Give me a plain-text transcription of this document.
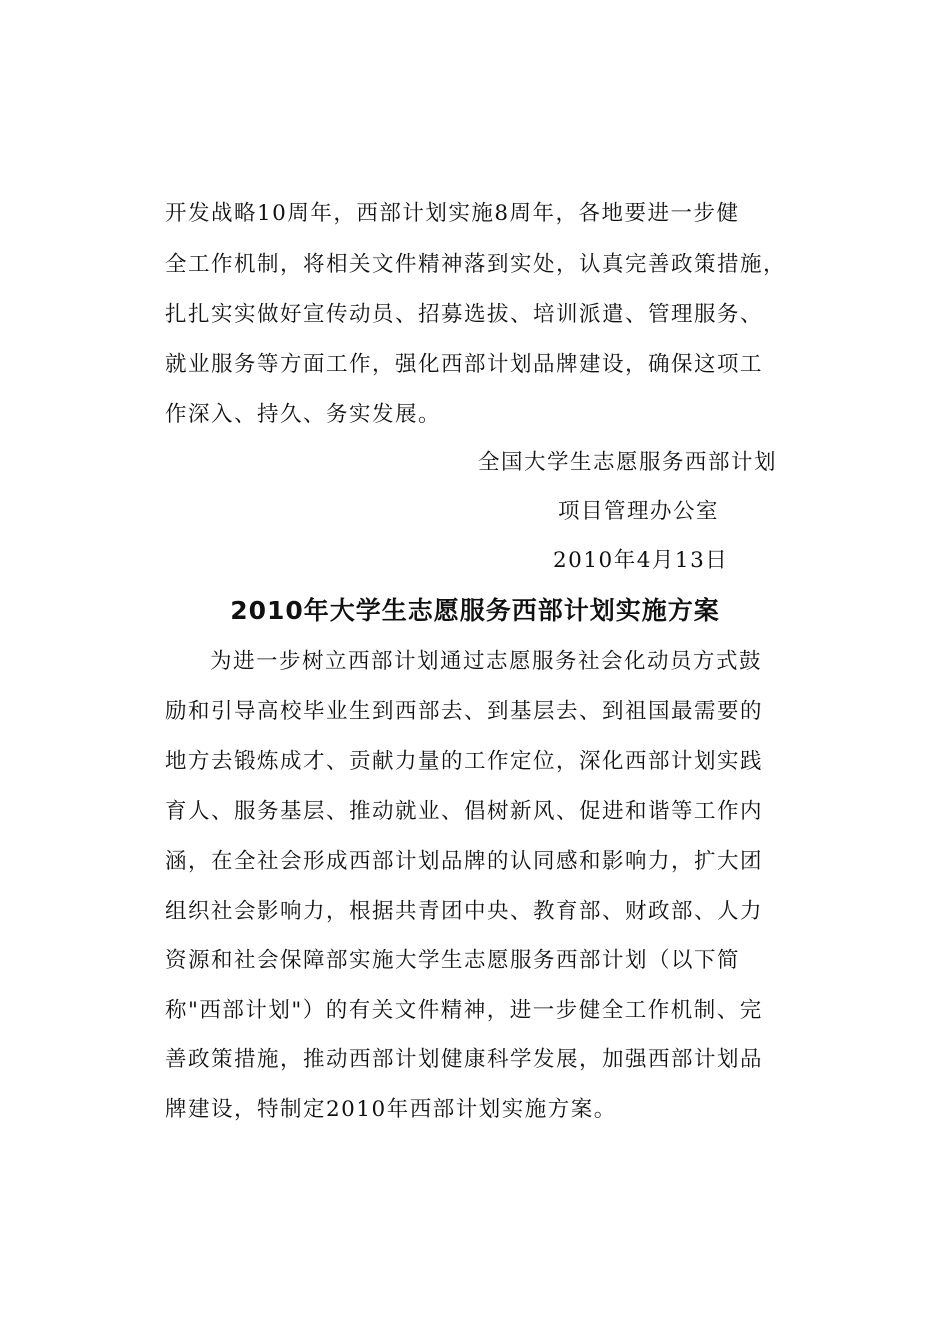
开发战略10周年，西部计划实施8周年，各地要进一步健
全工作机制，将相关文件精神落到实处，认真完善政策措施，
扎扎实实做好宣传动员、招募选拔、培训派遣、管理服务、
就业服务等方面工作，强化西部计划品牌建设，确保这项工
作深入、持久、务实发展。
全国大学生志愿服务西部计划
项目管理办公室
2010年4月13日
2010年大学生志愿服务西部计划实施方案
为进一步树立西部计划通过志愿服务社会化动员方式鼓
励和引导高校毕业生到西部去、到基层去、到祖国最需要的
地方去锻炼成才、贡献力量的工作定位，深化西部计划实践
育人、服务基层、推动就业、倡树新风、促进和谐等工作内
涵，在全社会形成西部计划品牌的认同感和影响力，扩大团
组织社会影响力，根据共青团中央、教育部、财政部、人力
资源和社会保障部实施大学生志愿服务西部计划（以下简
称"西部计划"）的有关文件精神，进一步健全工作机制、完
善政策措施，推动西部计划健康科学发展，加强西部计划品
牌建设，特制定2010年西部计划实施方案。
